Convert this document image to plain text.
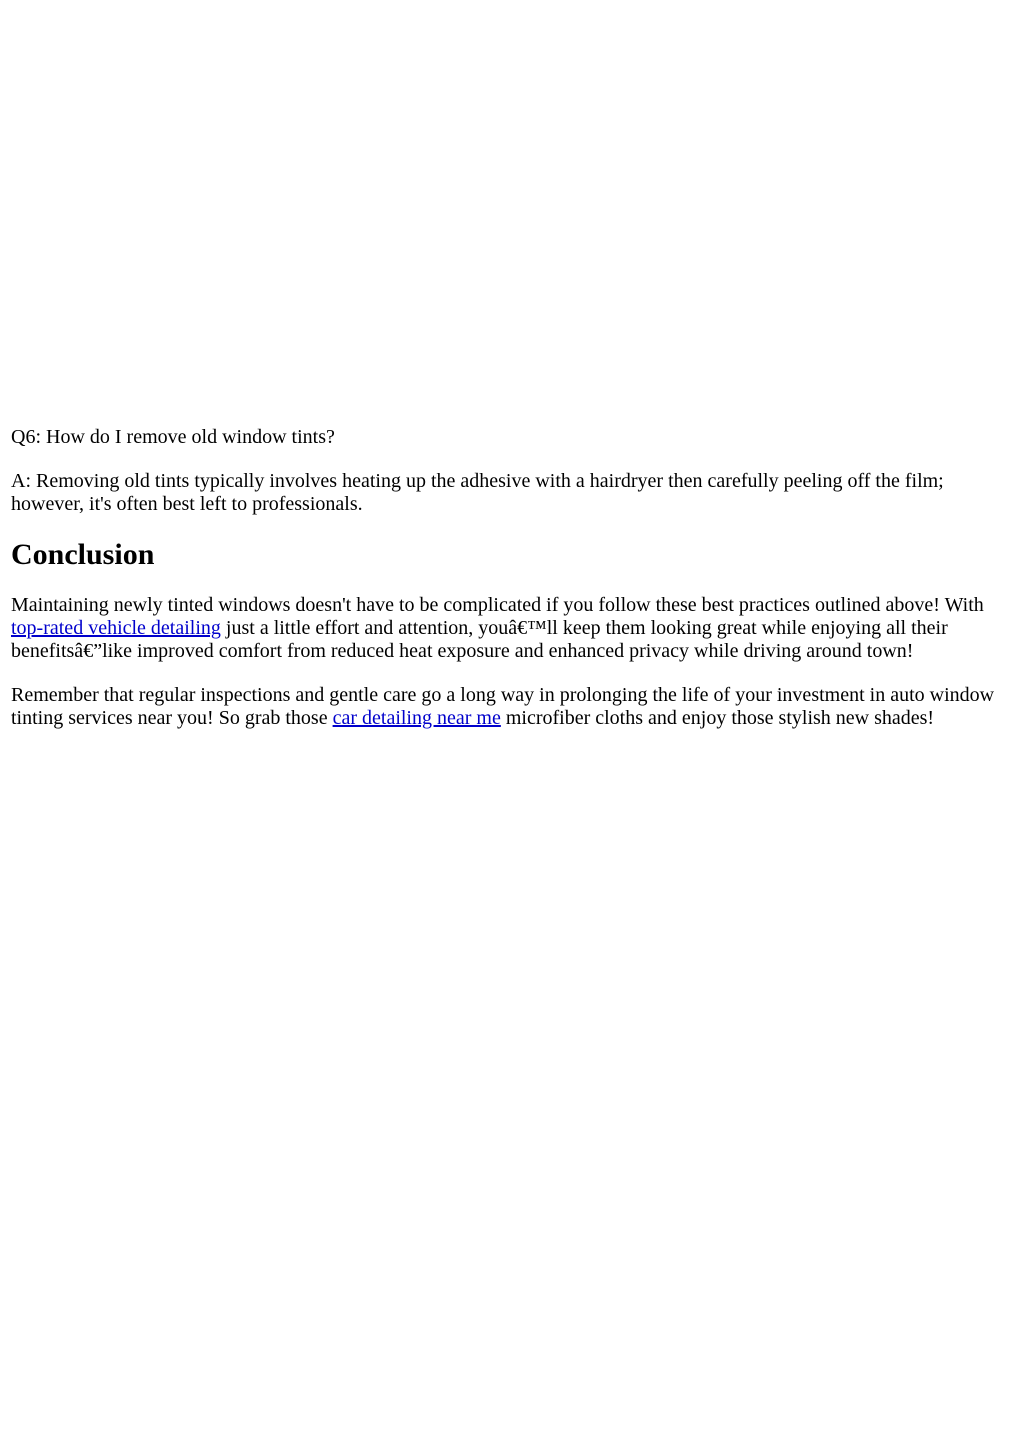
Q6: How do I remove old window tints?

A: Removing old tints typically involves heating up the adhesive with a hairdryer then carefully peeling off the film; however, it's often best left to professionals.

Conclusion

Maintaining newly tinted windows doesn't have to be complicated if you follow these best practices outlined above! With top-rated vehicle detailing just a little effort and attention, youâ€™ll keep them looking great while enjoying all their benefitsâ€”like improved comfort from reduced heat exposure and enhanced privacy while driving around town!

Remember that regular inspections and gentle care go a long way in prolonging the life of your investment in auto window tinting services near you! So grab those car detailing near me microfiber cloths and enjoy those stylish new shades!
